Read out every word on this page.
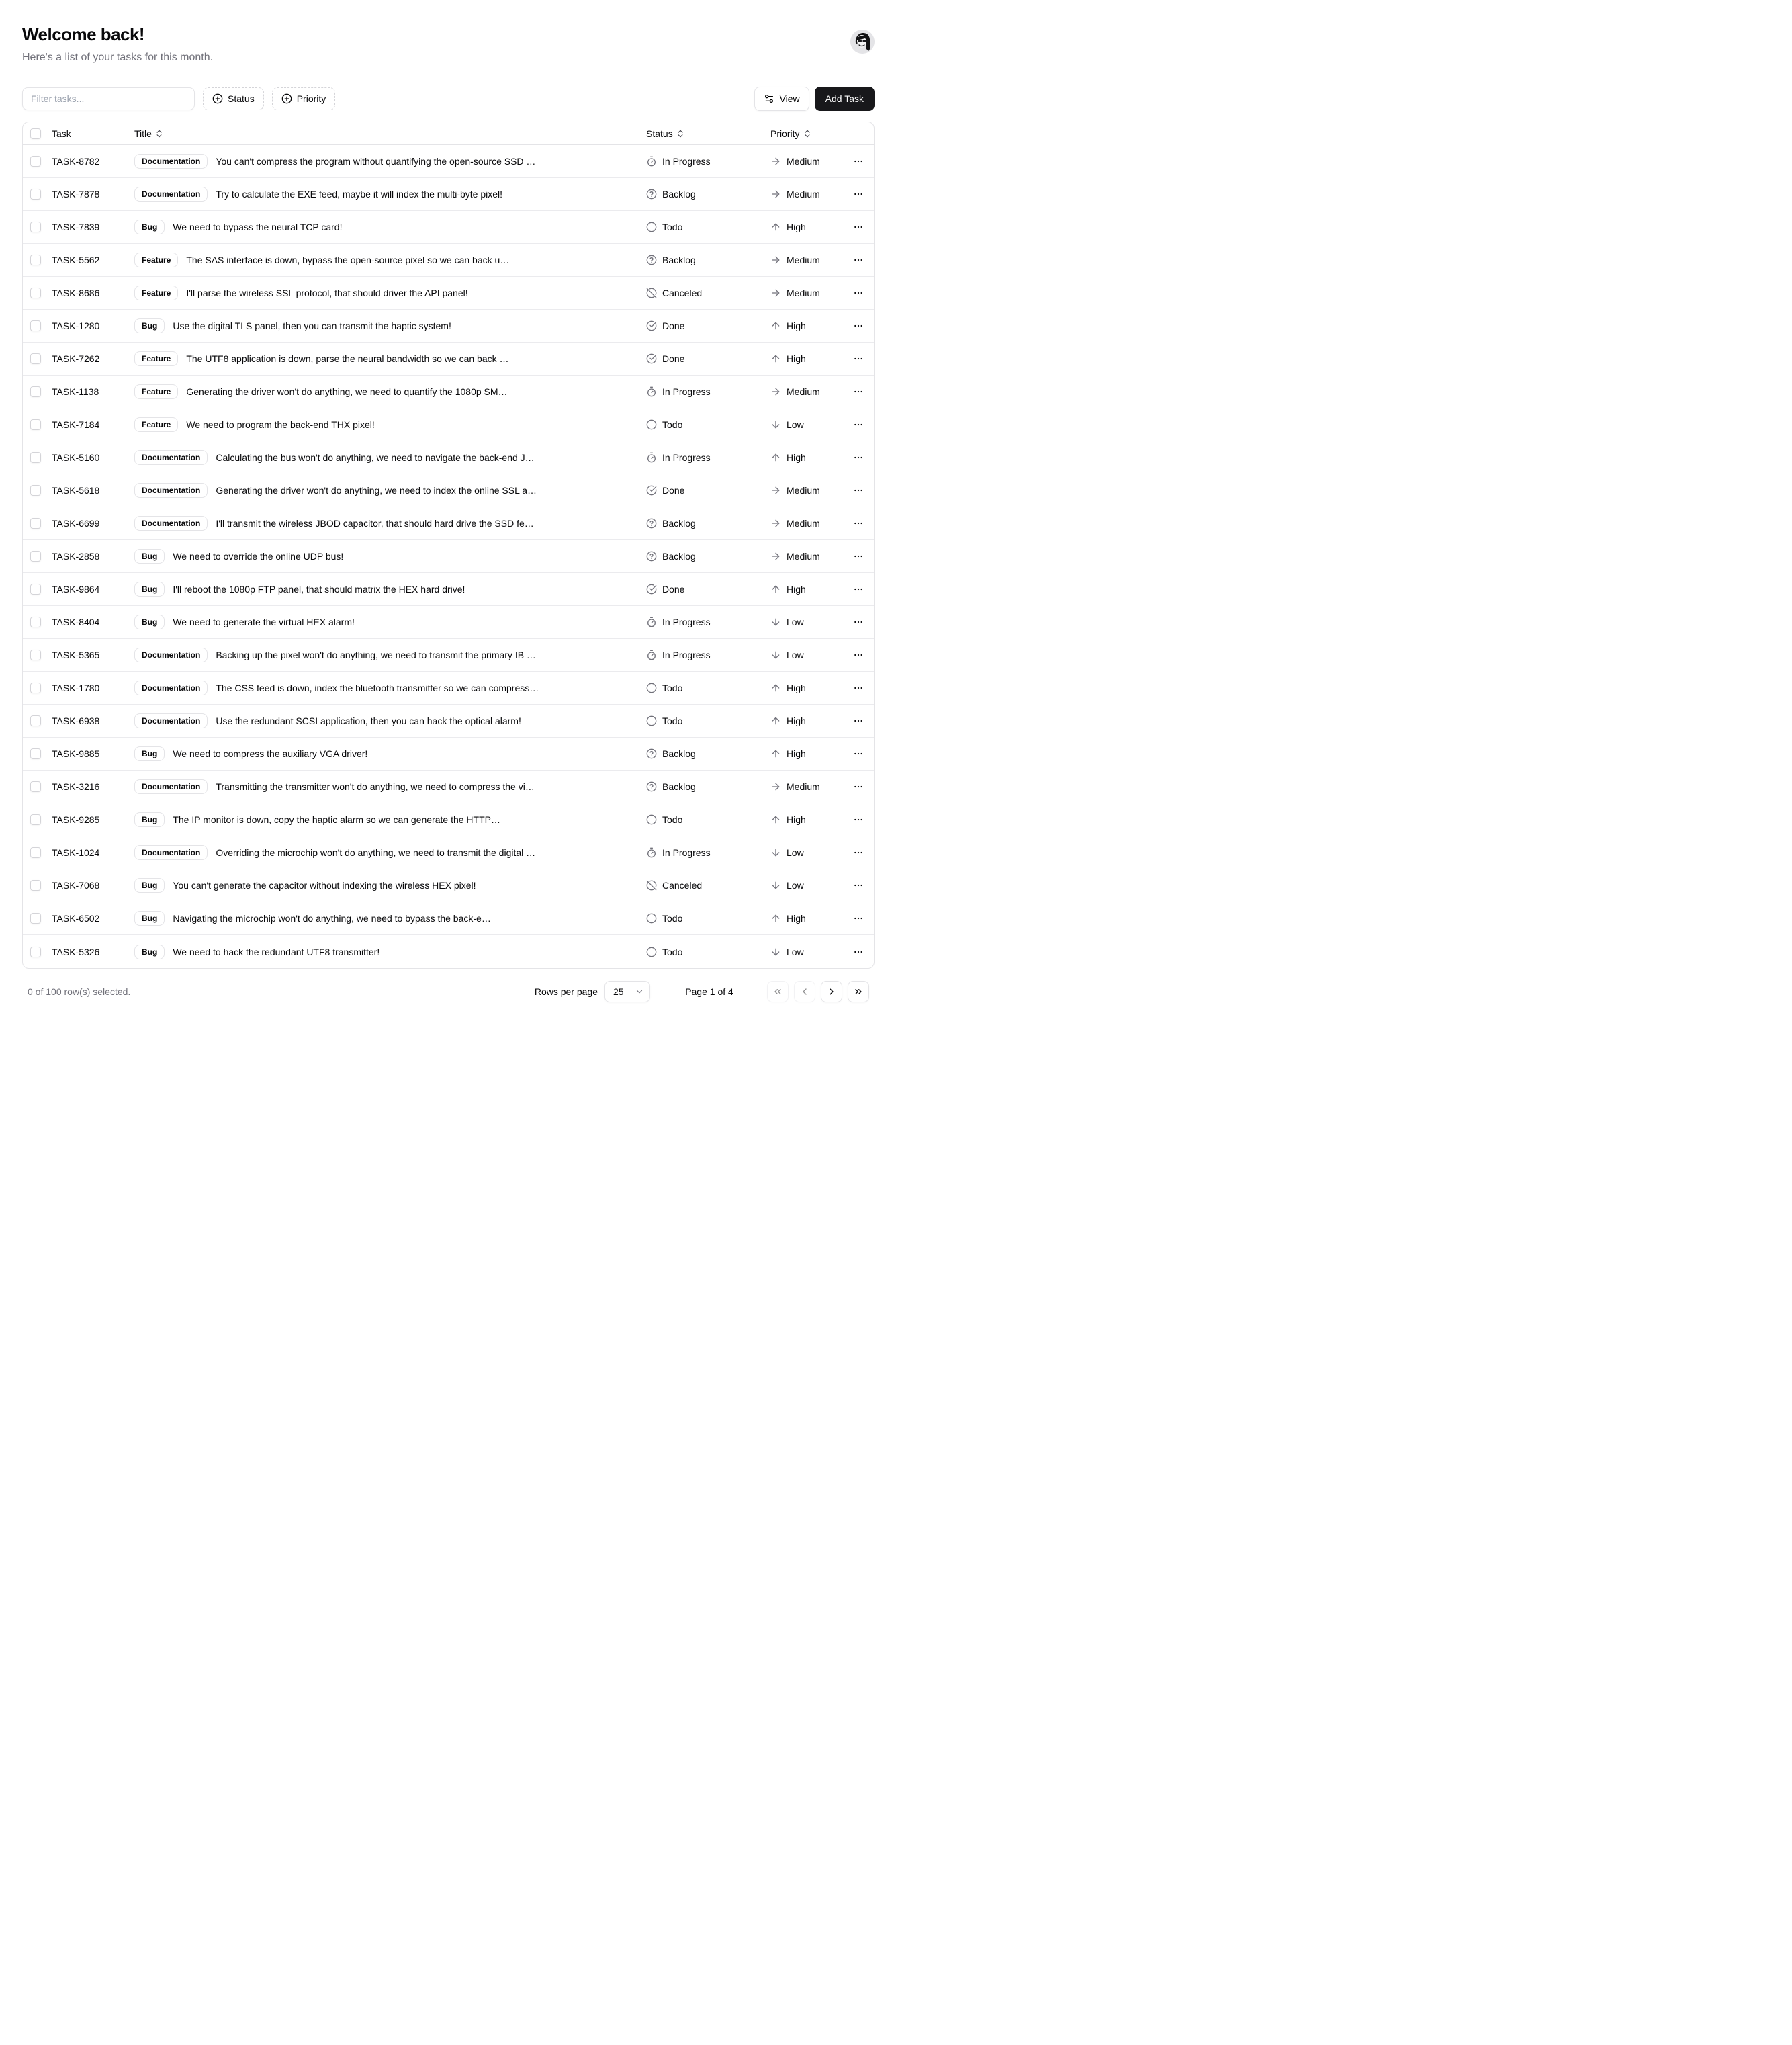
Welcome back!
Here's a list of your tasks for this month.
Filter tasks...
Status	Priority	View	Add Task
Task	Title	Status	Priority
TASK-8782	Documentation	You can't compress the program without quantifying the open-source SSD …	In Progress	Medium
TASK-7878	Documentation	Try to calculate the EXE feed, maybe it will index the multi-byte pixel!	Backlog	Medium
TASK-7839	Bug	We need to bypass the neural TCP card!	Todo	High
TASK-5562	Feature	The SAS interface is down, bypass the open-source pixel so we can back u…	Backlog	Medium
TASK-8686	Feature	I'll parse the wireless SSL protocol, that should driver the API panel!	Canceled	Medium
TASK-1280	Bug	Use the digital TLS panel, then you can transmit the haptic system!	Done	High
TASK-7262	Feature	The UTF8 application is down, parse the neural bandwidth so we can back …	Done	High
TASK-1138	Feature	Generating the driver won't do anything, we need to quantify the 1080p SM…	In Progress	Medium
TASK-7184	Feature	We need to program the back-end THX pixel!	Todo	Low
TASK-5160	Documentation	Calculating the bus won't do anything, we need to navigate the back-end J…	In Progress	High
TASK-5618	Documentation	Generating the driver won't do anything, we need to index the online SSL a…	Done	Medium
TASK-6699	Documentation	I'll transmit the wireless JBOD capacitor, that should hard drive the SSD fe…	Backlog	Medium
TASK-2858	Bug	We need to override the online UDP bus!	Backlog	Medium
TASK-9864	Bug	I'll reboot the 1080p FTP panel, that should matrix the HEX hard drive!	Done	High
TASK-8404	Bug	We need to generate the virtual HEX alarm!	In Progress	Low
TASK-5365	Documentation	Backing up the pixel won't do anything, we need to transmit the primary IB …	In Progress	Low
TASK-1780	Documentation	The CSS feed is down, index the bluetooth transmitter so we can compress…	Todo	High
TASK-6938	Documentation	Use the redundant SCSI application, then you can hack the optical alarm!	Todo	High
TASK-9885	Bug	We need to compress the auxiliary VGA driver!	Backlog	High
TASK-3216	Documentation	Transmitting the transmitter won't do anything, we need to compress the vi…	Backlog	Medium
TASK-9285	Bug	The IP monitor is down, copy the haptic alarm so we can generate the HTTP…	Todo	High
TASK-1024	Documentation	Overriding the microchip won't do anything, we need to transmit the digital …	In Progress	Low
TASK-7068	Bug	You can't generate the capacitor without indexing the wireless HEX pixel!	Canceled	Low
TASK-6502	Bug	Navigating the microchip won't do anything, we need to bypass the back-e…	Todo	High
TASK-5326	Bug	We need to hack the redundant UTF8 transmitter!	Todo	Low
0 of 100 row(s) selected.	Rows per page 25	Page 1 of 4
